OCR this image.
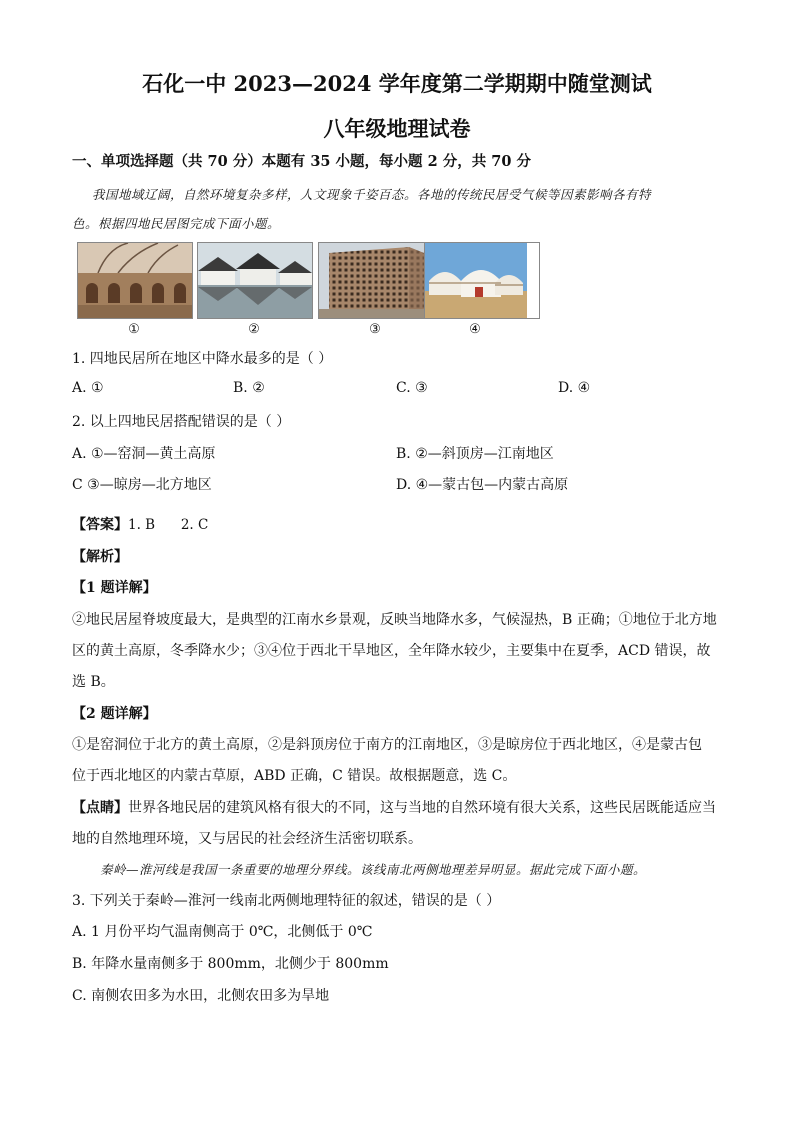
石化一中 2023—2024 学年度第二学期期中随堂测试
八年级地理试卷
一、单项选择题（共 70 分）本题有 35 小题，每小题 2 分，共 70 分
我国地域辽阔，自然环境复杂多样，人文现象千姿百态。各地的传统民居受气候等因素影响各有特
色。根据四地民居图完成下面小题。
①	②	③	④
1. 四地民居所在地区中降水最多的是（ ）
A. ①	B. ②	C. ③	D. ④
2. 以上四地民居搭配错误的是（ ）
A. ①—窑洞—黄土高原	B. ②—斜顶房—江南地区
C ③—晾房—北方地区	D. ④—蒙古包—内蒙古高原
【答案】1. B      2. C
【解析】
【1 题详解】
②地民居屋脊坡度最大，是典型的江南水乡景观，反映当地降水多，气候湿热，B 正确；①地位于北方地
区的黄土高原，冬季降水少；③④位于西北干旱地区，全年降水较少，主要集中在夏季，ACD 错误，故
选 B。
【2 题详解】
①是窑洞位于北方的黄土高原，②是斜顶房位于南方的江南地区，③是晾房位于西北地区，④是蒙古包
位于西北地区的内蒙古草原，ABD 正确，C 错误。故根据题意，选 C。
【点睛】世界各地民居的建筑风格有很大的不同，这与当地的自然环境有很大关系，这些民居既能适应当
地的自然地理环境，又与居民的社会经济生活密切联系。
秦岭—淮河线是我国一条重要的地理分界线。该线南北两侧地理差异明显。据此完成下面小题。
3. 下列关于秦岭—淮河一线南北两侧地理特征的叙述，错误的是（ ）
A. 1 月份平均气温南侧高于 0℃，北侧低于 0℃
B. 年降水量南侧多于 800mm，北侧少于 800mm
C. 南侧农田多为水田，北侧农田多为旱地
